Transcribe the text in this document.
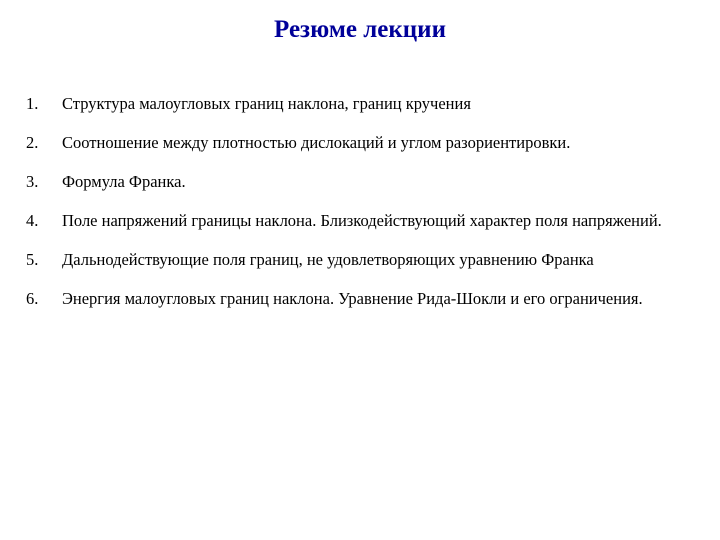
Резюме лекции
1.	Структура малоугловых границ наклона, границ кручения
2.	Соотношение между плотностью дислокаций и углом разориентировки.
3.	Формула Франка.
4.	Поле напряжений границы наклона. Близкодействующий характер поля напряжений.
5.	Дальнодействующие поля границ, не удовлетворяющих уравнению Франка
6.	Энергия малоугловых границ наклона. Уравнение Рида-Шокли и его ограничения.
